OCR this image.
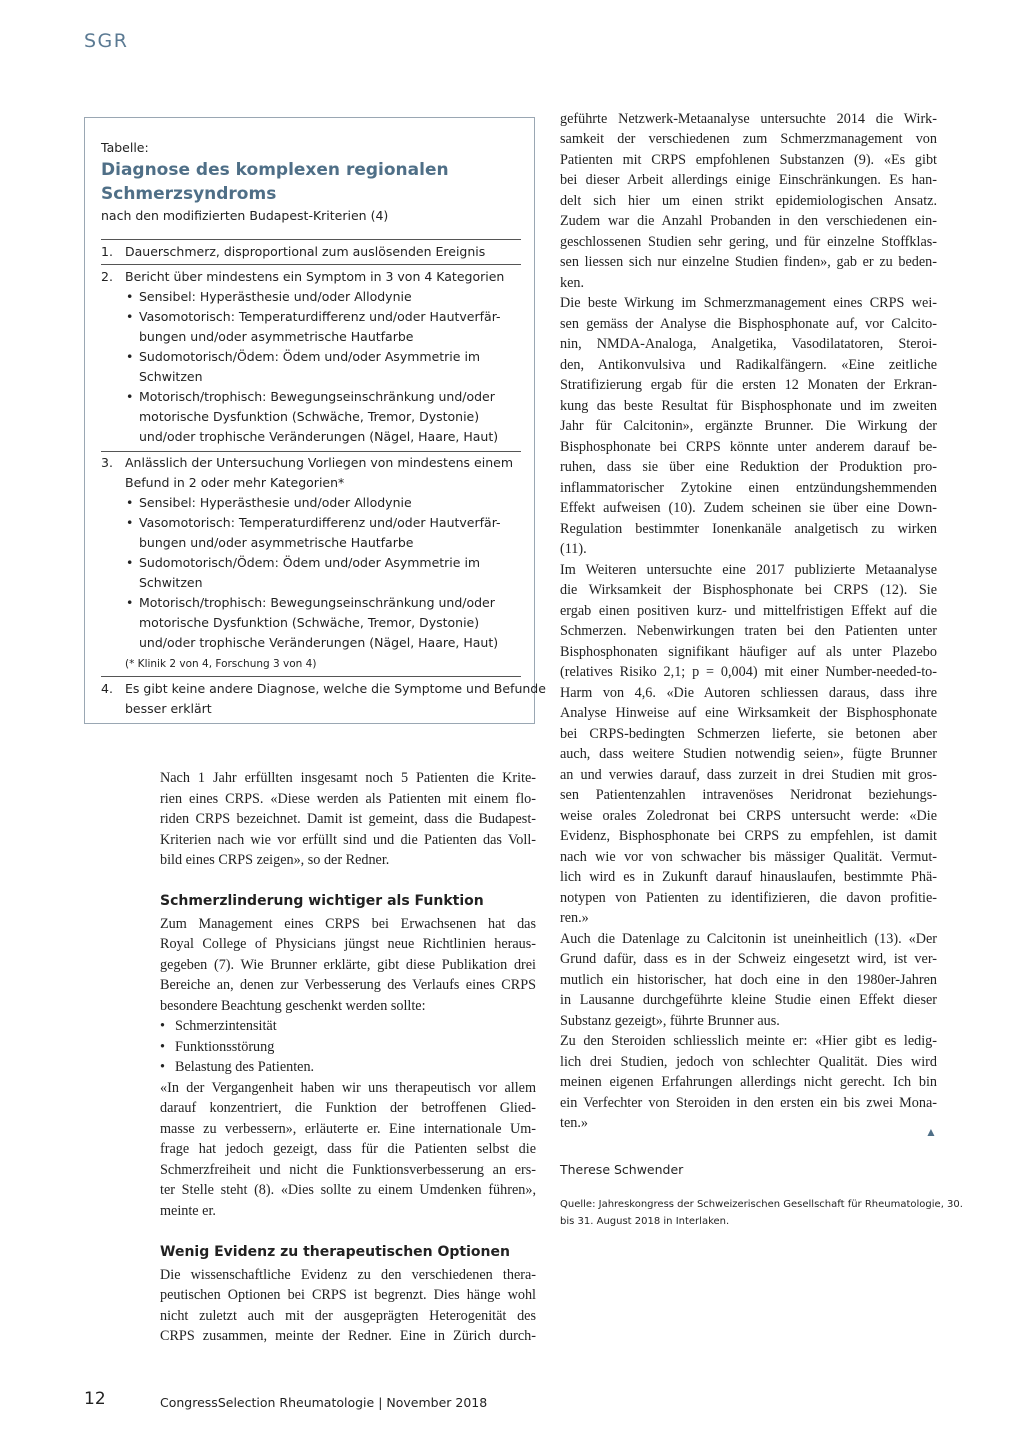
SGR
Tabelle:
Diagnose des komplexen regionalen
Schmerzsyndroms
nach den modifizierten Budapest-Kriterien (4)
1. Dauerschmerz, disproportional zum auslösenden Ereignis
2. Bericht über mindestens ein Symptom in 3 von 4 Kategorien
• Sensibel: Hyperästhesie und/oder Allodynie
• Vasomotorisch: Temperaturdifferenz und/oder Hautverfär-
bungen und/oder asymmetrische Hautfarbe
• Sudomotorisch/Ödem: Ödem und/oder Asymmetrie im
Schwitzen
• Motorisch/trophisch: Bewegungseinschränkung und/oder
motorische Dysfunktion (Schwäche, Tremor, Dystonie)
und/oder trophische Veränderungen (Nägel, Haare, Haut)
3. Anlässlich der Untersuchung Vorliegen von mindestens einem
Befund in 2 oder mehr Kategorien*
• Sensibel: Hyperästhesie und/oder Allodynie
• Vasomotorisch: Temperaturdifferenz und/oder Hautverfär-
bungen und/oder asymmetrische Hautfarbe
• Sudomotorisch/Ödem: Ödem und/oder Asymmetrie im
Schwitzen
• Motorisch/trophisch: Bewegungseinschränkung und/oder
motorische Dysfunktion (Schwäche, Tremor, Dystonie)
und/oder trophische Veränderungen (Nägel, Haare, Haut)
(* Klinik 2 von 4, Forschung 3 von 4)
4. Es gibt keine andere Diagnose, welche die Symptome und Befunde
besser erklärt
Nach 1 Jahr erfüllten insgesamt noch 5 Patienten die Krite-
rien eines CRPS. «Diese werden als Patienten mit einem flo-
riden CRPS bezeichnet. Damit ist gemeint, dass die Budapest-
Kriterien nach wie vor erfüllt sind und die Patienten das Voll-
bild eines CRPS zeigen», so der Redner.
Schmerzlinderung wichtiger als Funktion
Zum Management eines CRPS bei Erwachsenen hat das
Royal College of Physicians jüngst neue Richtlinien heraus-
gegeben (7). Wie Brunner erklärte, gibt diese Publikation drei
Bereiche an, denen zur Verbesserung des Verlaufs eines CRPS
besondere Beachtung geschenkt werden sollte:
• Schmerzintensität
• Funktionsstörung
• Belastung des Patienten.
«In der Vergangenheit haben wir uns therapeutisch vor allem
darauf konzentriert, die Funktion der betroffenen Glied-
masse zu verbessern», erläuterte er. Eine internationale Um-
frage hat jedoch gezeigt, dass für die Patienten selbst die
Schmerzfreiheit und nicht die Funktionsverbesserung an ers-
ter Stelle steht (8). «Dies sollte zu einem Umdenken führen»,
meinte er.
Wenig Evidenz zu therapeutischen Optionen
Die wissenschaftliche Evidenz zu den verschiedenen thera-
peutischen Optionen bei CRPS ist begrenzt. Dies hänge wohl
nicht zuletzt auch mit der ausgeprägten Heterogenität des
CRPS zusammen, meinte der Redner. Eine in Zürich durch-
geführte Netzwerk-Metaanalyse untersuchte 2014 die Wirk-
samkeit der verschiedenen zum Schmerzmanagement von
Patienten mit CRPS empfohlenen Substanzen (9). «Es gibt
bei dieser Arbeit allerdings einige Einschränkungen. Es han-
delt sich hier um einen strikt epidemiologischen Ansatz.
Zudem war die Anzahl Probanden in den verschiedenen ein-
geschlossenen Studien sehr gering, und für einzelne Stoffklas-
sen liessen sich nur einzelne Studien finden», gab er zu beden-
ken.
Die beste Wirkung im Schmerzmanagement eines CRPS wei-
sen gemäss der Analyse die Bisphosphonate auf, vor Calcito-
nin, NMDA-Analoga, Analgetika, Vasodilatatoren, Steroi-
den, Antikonvulsiva und Radikalfängern. «Eine zeitliche
Stratifizierung ergab für die ersten 12 Monaten der Erkran-
kung das beste Resultat für Bisphosphonate und im zweiten
Jahr für Calcitonin», ergänzte Brunner. Die Wirkung der
Bisphosphonate bei CRPS könnte unter anderem darauf be-
ruhen, dass sie über eine Reduktion der Produktion pro-
inflammatorischer Zytokine einen entzündungshemmenden
Effekt aufweisen (10). Zudem scheinen sie über eine Down-
Regulation bestimmter Ionenkanäle analgetisch zu wirken
(11).
Im Weiteren untersuchte eine 2017 publizierte Metaanalyse
die Wirksamkeit der Bisphosphonate bei CRPS (12). Sie
ergab einen positiven kurz- und mittelfristigen Effekt auf die
Schmerzen. Nebenwirkungen traten bei den Patienten unter
Bisphosphonaten signifikant häufiger auf als unter Plazebo
(relatives Risiko 2,1; p = 0,004) mit einer Number-needed-to-
Harm von 4,6. «Die Autoren schliessen daraus, dass ihre
Analyse Hinweise auf eine Wirksamkeit der Bisphosphonate
bei CRPS-bedingten Schmerzen lieferte, sie betonen aber
auch, dass weitere Studien notwendig seien», fügte Brunner
an und verwies darauf, dass zurzeit in drei Studien mit gros-
sen Patientenzahlen intravenöses Neridronat beziehungs-
weise orales Zoledronat bei CRPS untersucht werde: «Die
Evidenz, Bisphosphonate bei CRPS zu empfehlen, ist damit
nach wie vor von schwacher bis mässiger Qualität. Vermut-
lich wird es in Zukunft darauf hinauslaufen, bestimmte Phä-
notypen von Patienten zu identifizieren, die davon profitie-
ren.»
Auch die Datenlage zu Calcitonin ist uneinheitlich (13). «Der
Grund dafür, dass es in der Schweiz eingesetzt wird, ist ver-
mutlich ein historischer, hat doch eine in den 1980er-Jahren
in Lausanne durchgeführte kleine Studie einen Effekt dieser
Substanz gezeigt», führte Brunner aus.
Zu den Steroiden schliesslich meinte er: «Hier gibt es ledig-
lich drei Studien, jedoch von schlechter Qualität. Dies wird
meinen eigenen Erfahrungen allerdings nicht gerecht. Ich bin
ein Verfechter von Steroiden in den ersten ein bis zwei Mona-
ten.»
▲
Therese Schwender
Quelle: Jahreskongress der Schweizerischen Gesellschaft für Rheumatologie, 30.
bis 31. August 2018 in Interlaken.
12	CongressSelection Rheumatologie | November 2018
